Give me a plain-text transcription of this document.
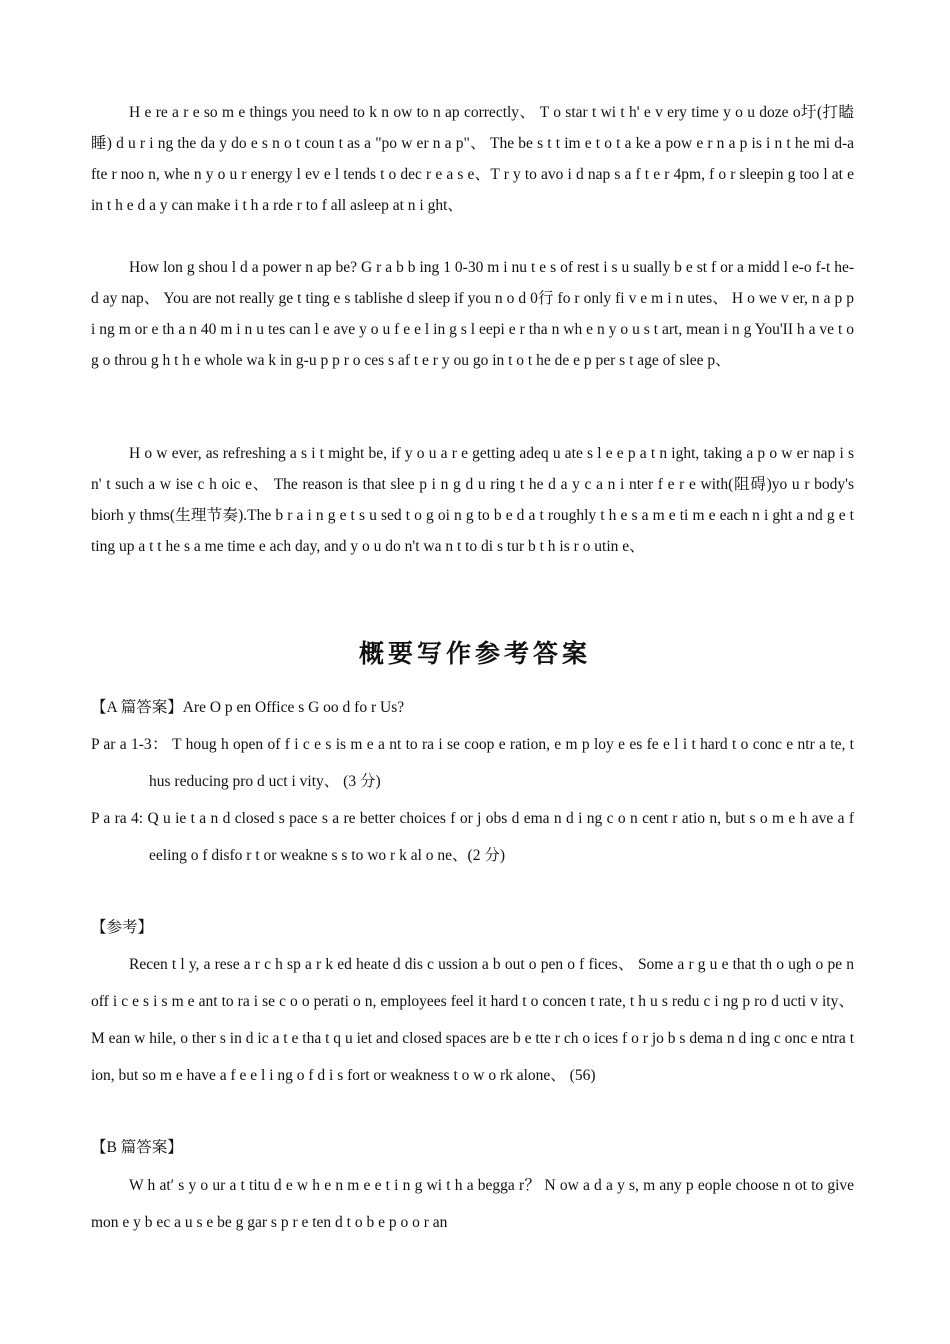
H e re a r e so m e things you need to k n ow to n ap correctly、 T o star t wi t h' e v ery time y o u doze o圩(打瞌睡) d u r i ng the da y do e s n o t coun t as a "po w er n a p"、 The be s t t im e t o t a ke a pow e r n a p is i n t he mi d-a fte r noo n, whe n y o u r energy l ev e l tends t o dec r e a s e、T r y to avo i d nap s a f t e r 4pm, f o r sleepin g too l at e in t h e d a y can make i t h a rde r to f all asleep at n i ght、

How lon g shou l d a power n ap be? G r a b b ing 1 0-30 m i nu t e s of rest i s u sually b e st f or a midd l e-o f-t he-d ay nap、 You are not really ge t ting e s tablishe d sleep if you n o d 0行 fo r only fi v e m i n utes、 H o we v er, n a p p i ng m or e th a n 40 m i n u tes can l e ave y o u f e e l in g s l eepi e r tha n wh e n y o u s t art, mean i n g You'II h a ve t o g o throu g h t h e whole wa k in g-u p p r o ces s af t e r y ou go in t o t he de e p per s t age of slee p、

H o w ever, as refreshing a s i t might be, if y o u a r e getting adeq u ate s l e e p a t n ight, taking a p o w er nap i s n' t such a w ise c h oic e、 The reason is that slee p i n g d u ring t he d a y c a n i nter f e r e with(阻碍)yo u r body's biorh y thms(生理节奏).The b r a i n g e t s u sed t o g oi n g to b e d a t roughly t h e s a m e ti m e each n i ght a nd g e t ting up a t t he s a me time e ach day, and y o u do n't wa n t to di s tur b t h is r o utin e、

概要写作参考答案

【A 篇答案】Are O p en Office s G oo d fo r Us?

P ar a 1-3： T houg h open of f i c e s is m e a nt to ra i se coop e ration, e m p loy e es fe e l i t hard t o conc e ntr a te, t hus reducing pro d uct i vity、 (3 分)

P a ra 4: Q u ie t a n d closed s pace s a re better choices f or j obs d ema n d i ng c o n cent r atio n, but s o m e h ave a f eeling o f disfo r t or weakne s s to wo r k al o ne、(2 分)

【参考】

Recen t l y, a rese a r c h sp a r k ed heate d dis c ussion a b out o pen o f fices、 Some a r g u e that th o ugh o pe n off i c e s i s m e ant to ra i se c o o perati o n, employees feel it hard t o concen t rate, t h u s redu c i ng p ro d ucti v ity、 M ean w hile, o ther s in d ic a t e tha t q u iet and closed spaces are b e tte r ch o ices f o r jo b s dema n d ing c onc e ntra t ion, but so m e have a f e e l i ng o f d i s fort or weakness t o w o rk alone、 (56)

【B 篇答案】

W h at′ s y o ur a t titu d e w h e n m e e t i n g wi t h a begga r？ N ow a d a y s, m any p eople choose n ot to give mon e y b ec a u s e be g gar s p r e ten d t o b e p o o r an
